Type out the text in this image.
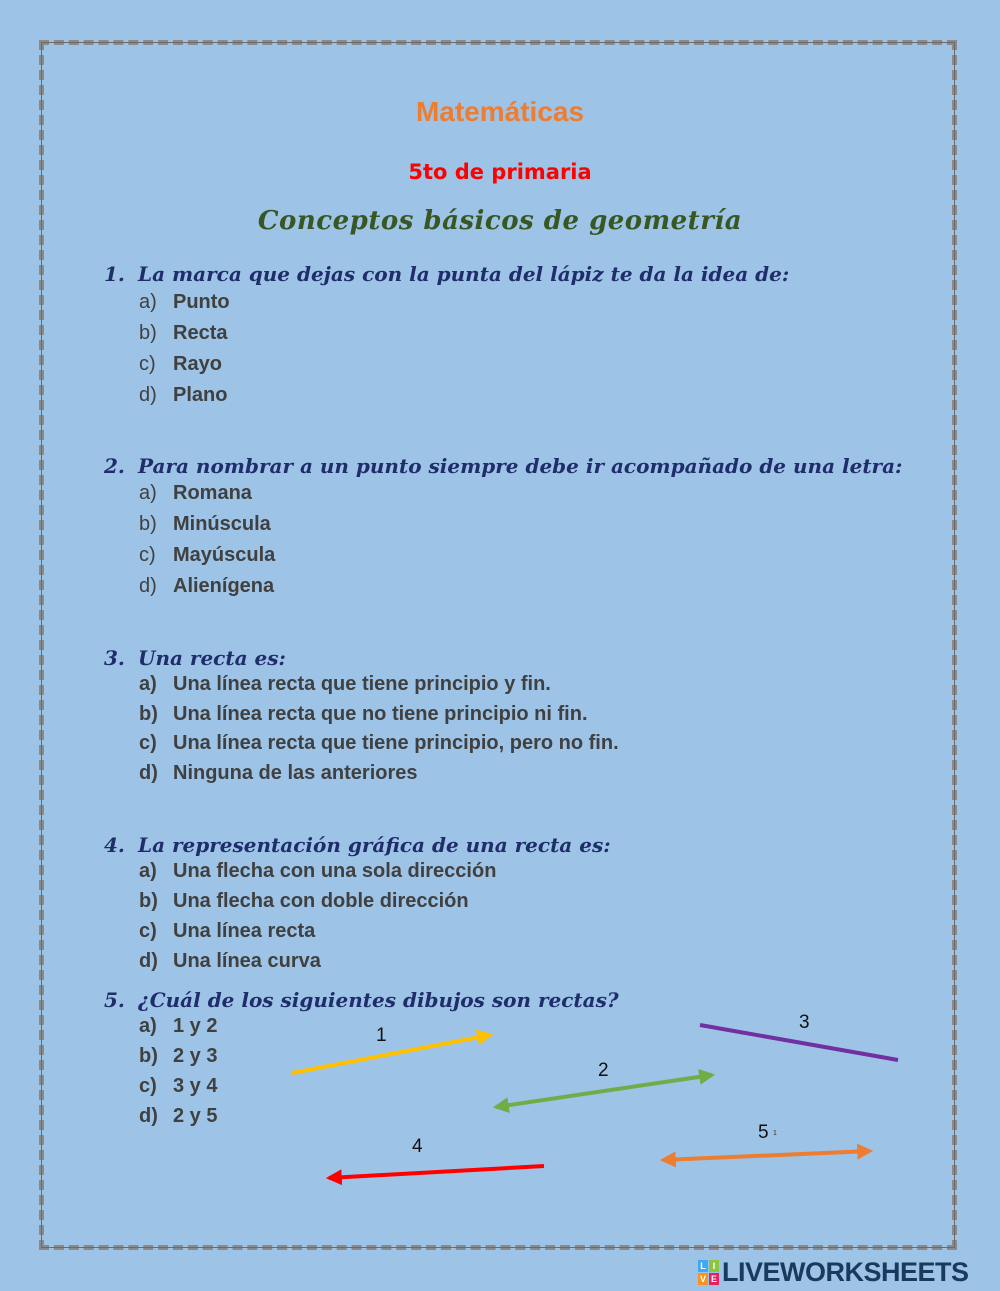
Matemáticas
5to de primaria
Conceptos básicos de geometría
1. La marca que dejas con la punta del lápiz te da la idea de:
a) Punto
b) Recta
c) Rayo
d) Plano
2. Para nombrar a un punto siempre debe ir acompañado de una letra:
a) Romana
b) Minúscula
c) Mayúscula
d) Alienígena
3. Una recta es:
a) Una línea recta que tiene principio y fin.
b) Una línea recta que no tiene principio ni fin.
c) Una línea recta que tiene principio, pero no fin.
d) Ninguna de las anteriores
4. La representación gráfica de una recta es:
a) Una flecha con una sola dirección
b) Una flecha con doble dirección
c) Una línea recta
d) Una línea curva
5. ¿Cuál de los siguientes dibujos son rectas?
a) 1 y 2
b) 2 y 3
c) 3 y 4
d) 2 y 5
1
2
3
4
5 1
L I
V E LIVEWORKSHEETS
